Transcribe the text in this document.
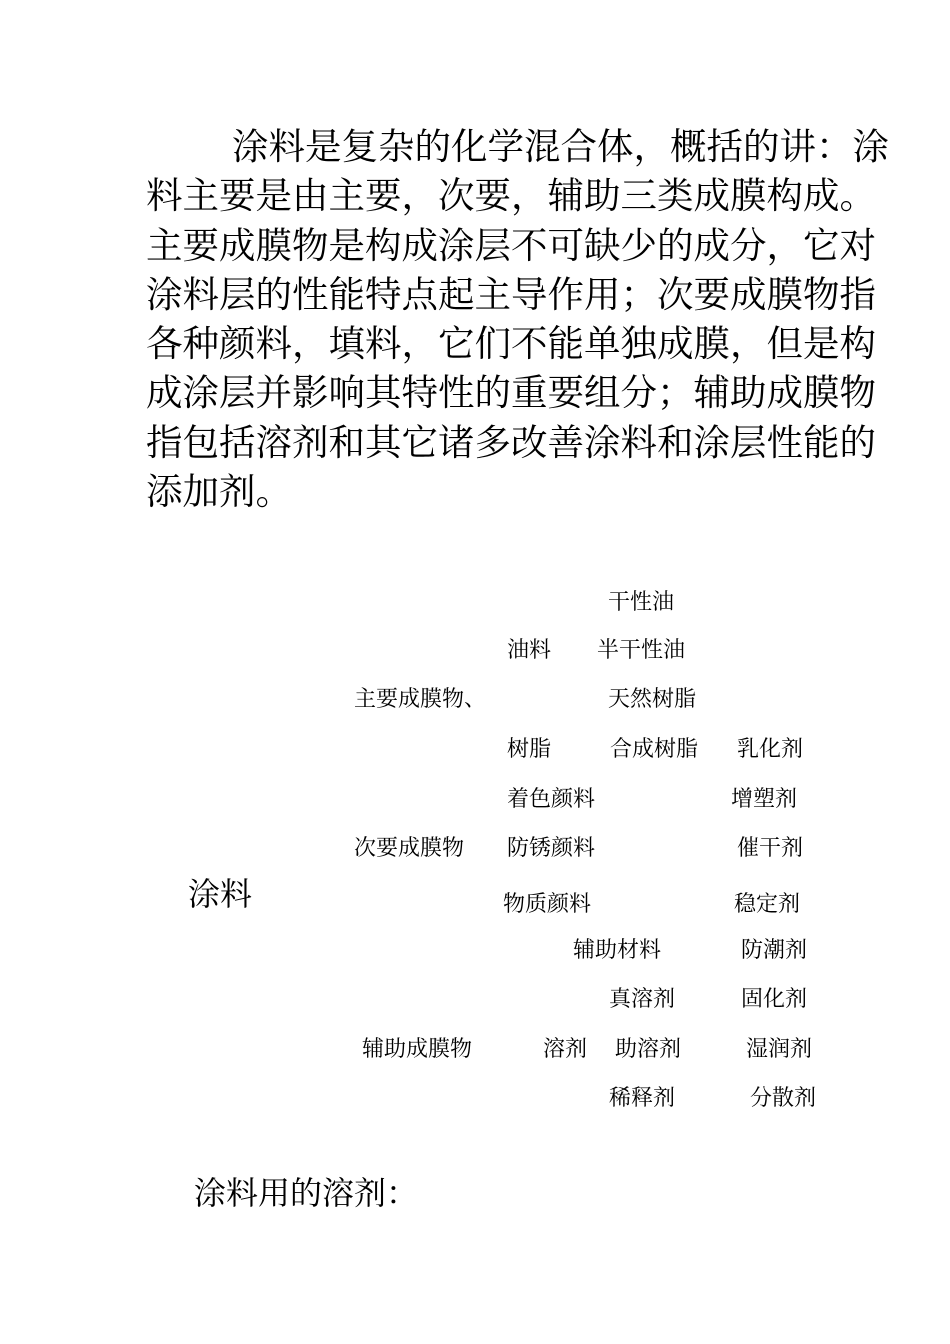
涂料是复杂的化学混合体，概括的讲：涂
料主要是由主要，次要，辅助三类成膜构成。
主要成膜物是构成涂层不可缺少的成分，它对
涂料层的性能特点起主导作用；次要成膜物指
各种颜料，填料，它们不能单独成膜，但是构
成涂层并影响其特性的重要组分；辅助成膜物
指包括溶剂和其它诸多改善涂料和涂层性能的
添加剂。
涂料
主要成膜物、
油料
干性油
半干性油
树脂
天然树脂
合成树脂
次要成膜物
着色颜料
防锈颜料
物质颜料
辅助成膜物
辅助材料
溶剂
真溶剂
助溶剂
稀释剂
乳化剂
增塑剂
催干剂
稳定剂
防潮剂
固化剂
湿润剂
分散剂
涂料用的溶剂：
